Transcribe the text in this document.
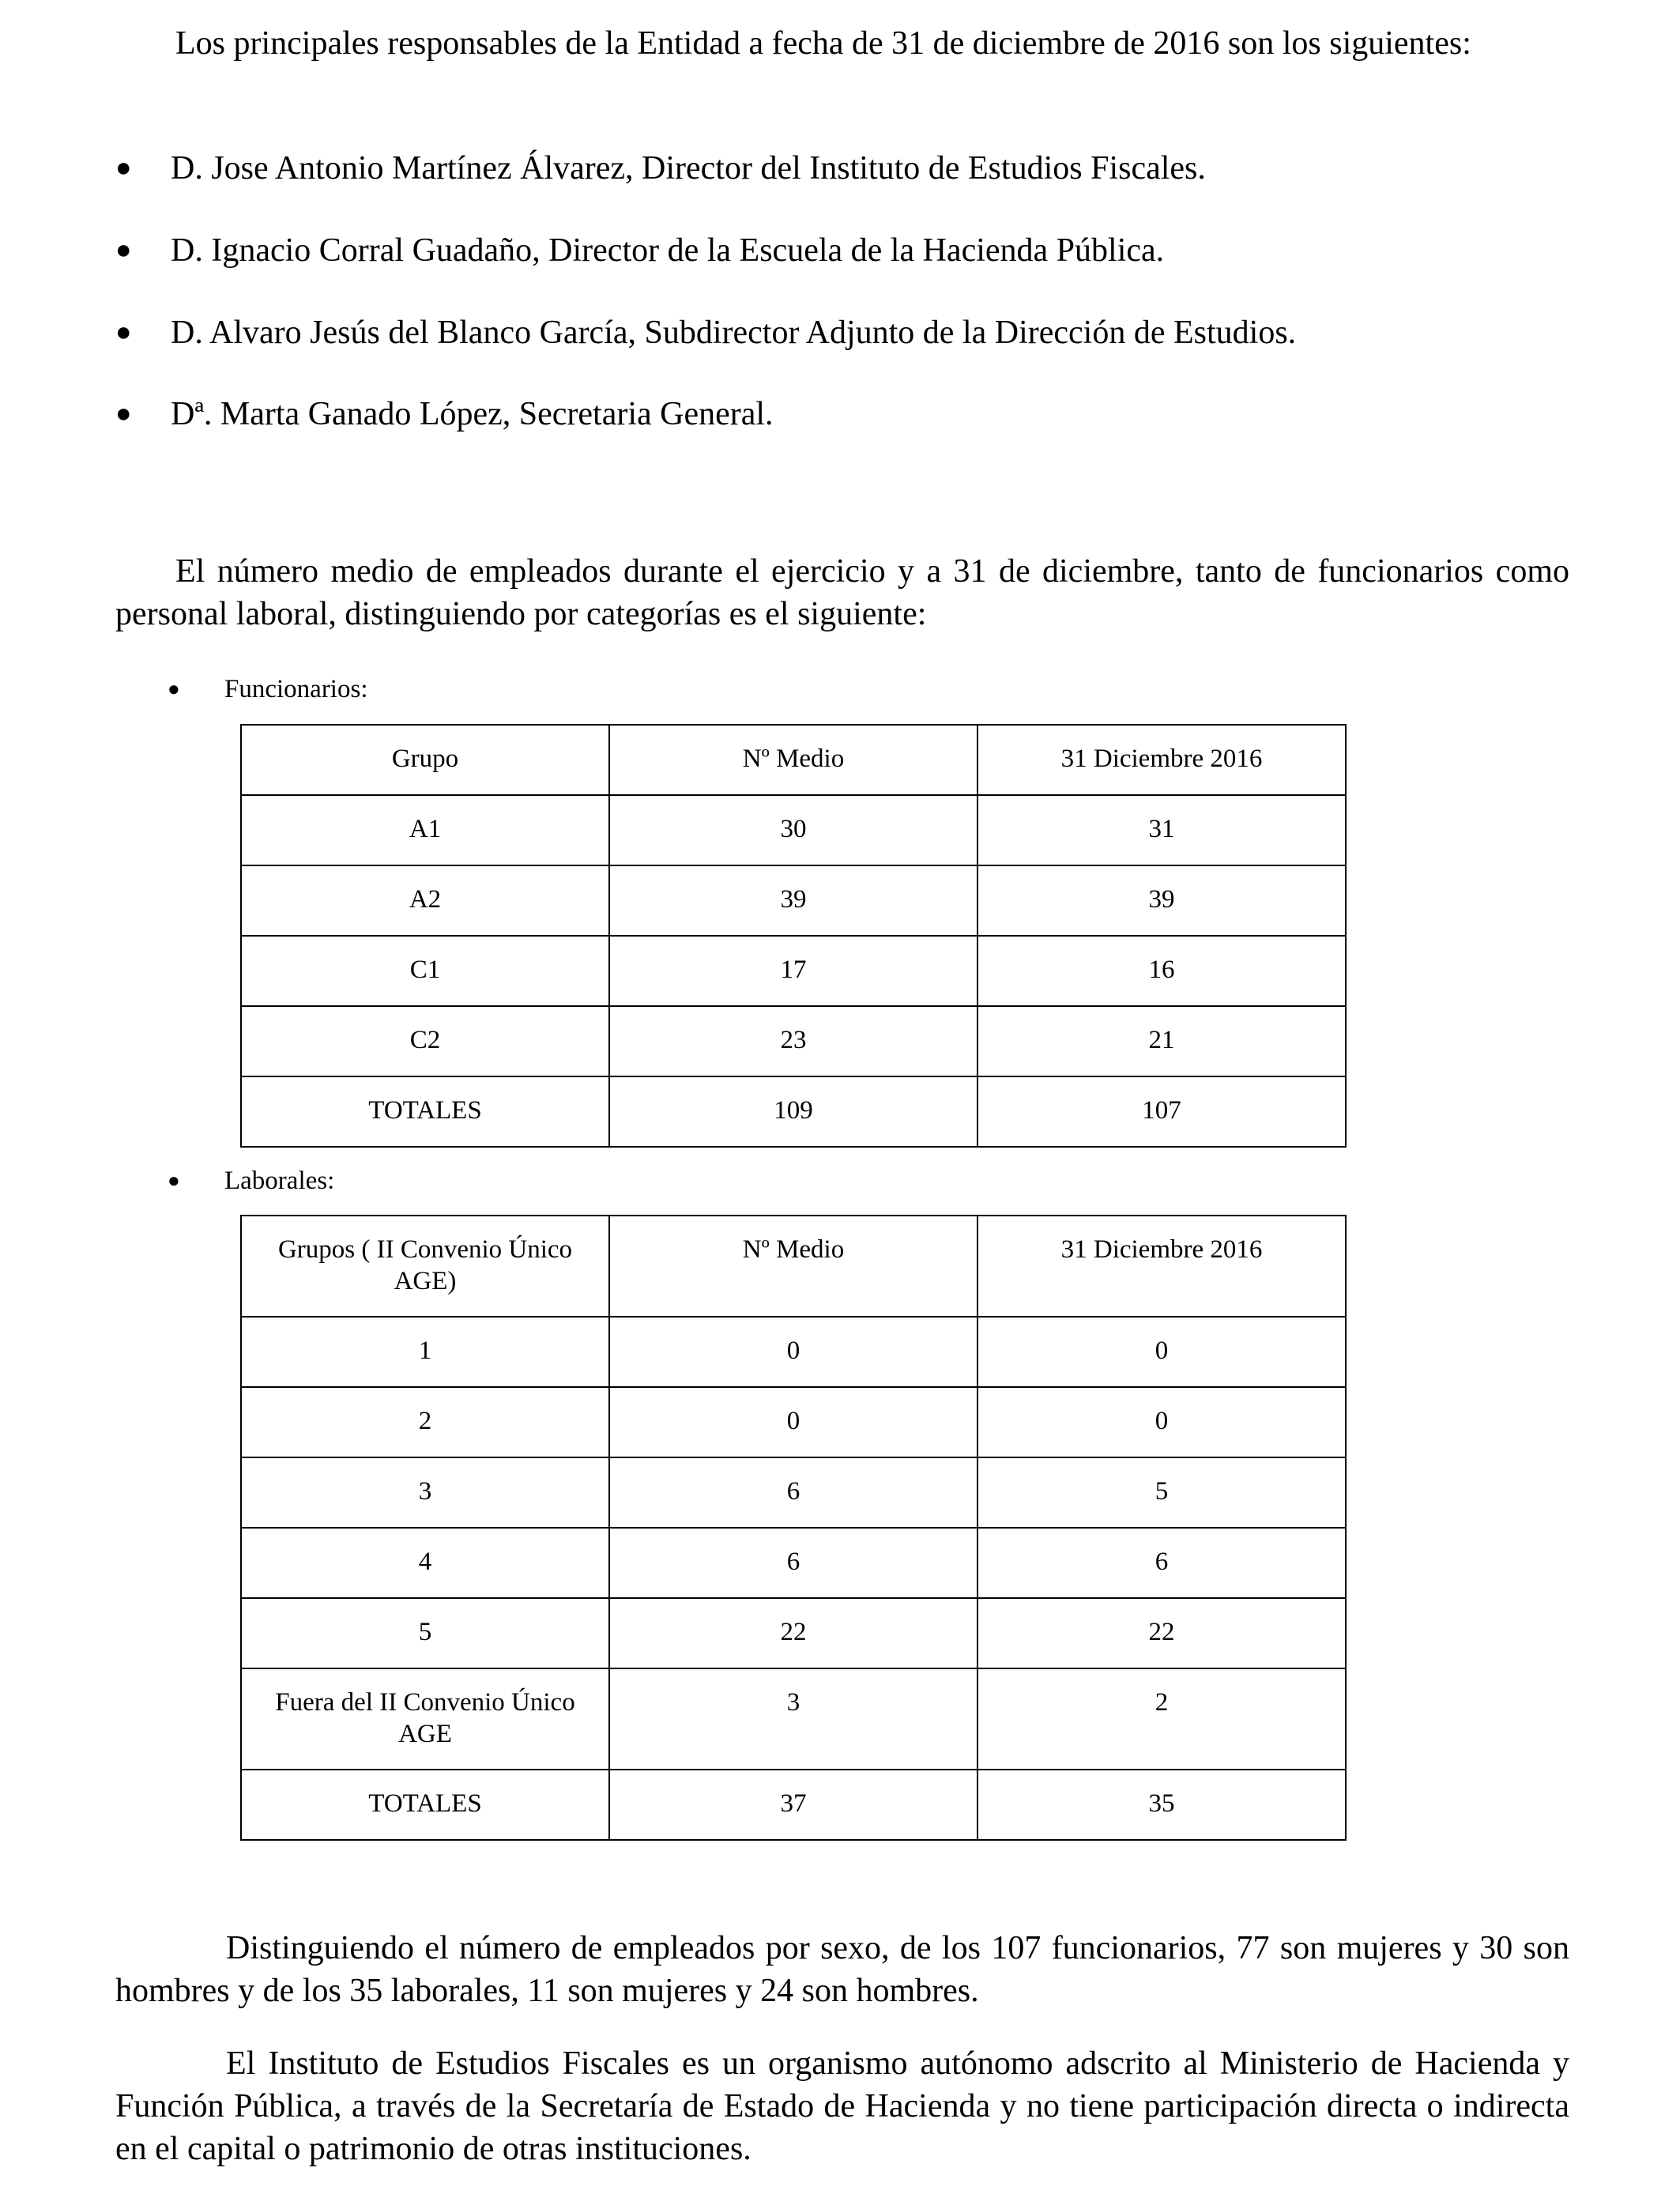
Los principales responsables de la Entidad a fecha de 31 de diciembre de 2016 son los siguientes:

●	D. Jose Antonio Martínez Álvarez, Director del Instituto de Estudios Fiscales.
●	D. Ignacio Corral Guadaño, Director de la Escuela de la Hacienda Pública.
●	D. Alvaro Jesús del Blanco García, Subdirector Adjunto de la Dirección de Estudios.
●	Dª. Marta Ganado López, Secretaria General.

El número medio de empleados durante el ejercicio y a 31 de diciembre, tanto de funcionarios como personal laboral, distinguiendo por categorías es el siguiente:

● Funcionarios:
Grupo	Nº Medio	31 Diciembre 2016
A1	30	31
A2	39	39
C1	17	16
C2	23	21
TOTALES	109	107
● Laborales:
Grupos ( II Convenio Único AGE)	Nº Medio	31 Diciembre 2016
1	0	0
2	0	0
3	6	5
4	6	6
5	22	22
Fuera del II Convenio Único AGE	3	2
TOTALES	37	35

Distinguiendo el número de empleados por sexo, de los 107 funcionarios, 77 son mujeres y 30 son hombres y de los 35 laborales, 11 son mujeres y 24 son hombres.

El Instituto de Estudios Fiscales es un organismo autónomo adscrito al Ministerio de Hacienda y Función Pública, a través de la Secretaría de Estado de Hacienda y no tiene participación directa o indirecta en el capital o patrimonio de otras instituciones.
